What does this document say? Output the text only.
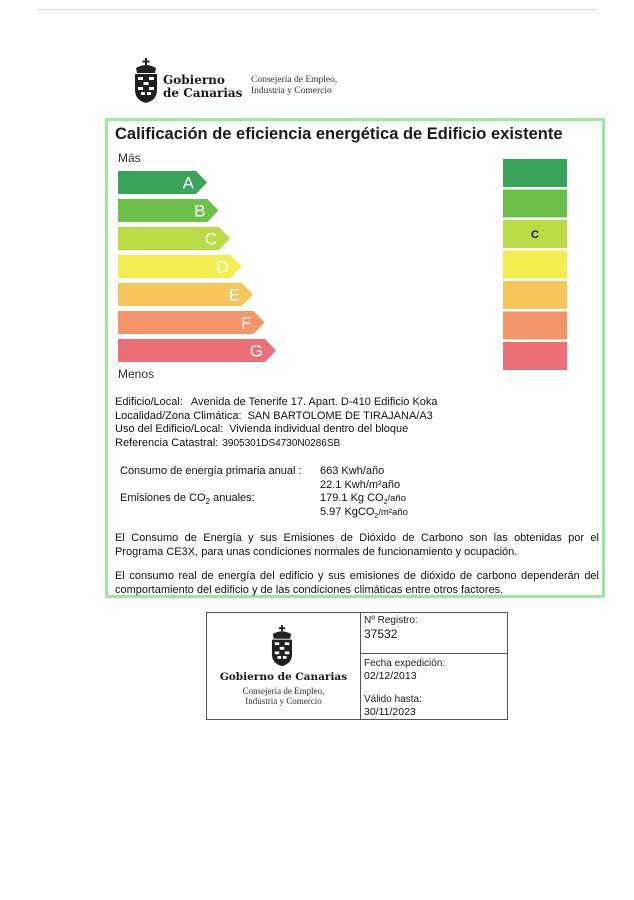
Gobierno
de Canarias
Consejería de Empleo,
Industria y Comercio
Calificación de eficiencia energética de Edificio existente
Más
A
B
C
D
E
F
G
Menos
C
Edificio/Local: Avenida de Tenerife 17. Apart. D-410 Edificio Koka
Localidad/Zona Climática: SAN BARTOLOME DE TIRAJANA/A3
Uso del Edificio/Local: Vivienda individual dentro del bloque
Referencia Catastral: 3905301DS4730N0286SB
Consumo de energía primaria anual : 663 Kwh/año
22.1 Kwh/m²año
Emisiones de $CO_2$ anuales:	179.1 Kg $CO_2$/año
5.97 KgCO$_2$/m²año
El Consumo de Energía y sus Emisiones de Dióxido de Carbono son las obtenidas por el Programa CE3X, para unas condiciones normales de funcionamiento y ocupación.
El consumo real de energía del edificio y sus emisiones de dióxido de carbono dependerán del comportamiento del edificio y de las condiciones climáticas entre otros factores.
Gobierno de Canarias
Consejería de Empleo,
Industria y Comercio
Nº Registro:
37532
Fecha expedición:
02/12/2013
Válido hasta:
30/11/2023
